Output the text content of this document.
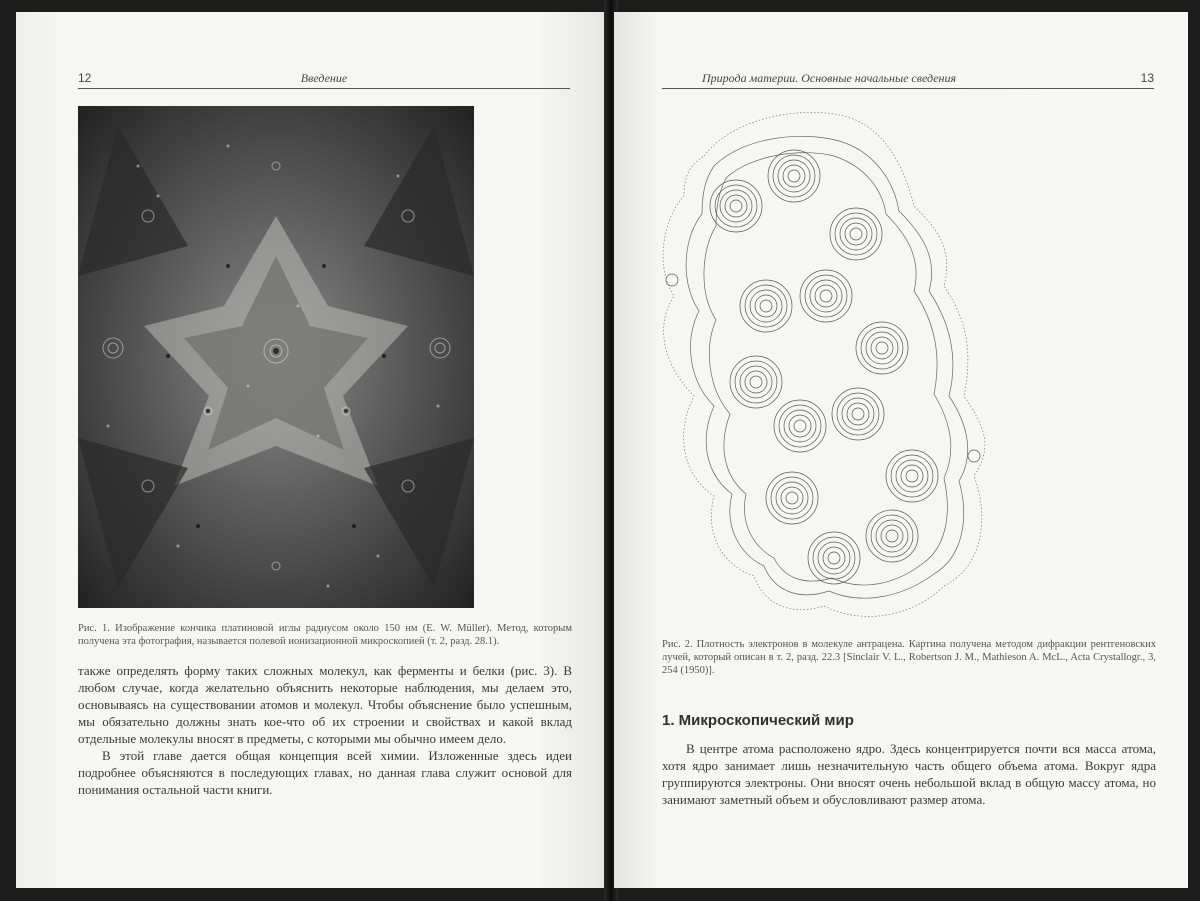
12	Введение
Рис. 1. Изображение кончика платиновой иглы радиусом около 150 нм (E. W. Müller). Метод, которым получена эта фотография, называется полевой ионизационной микроскопией (т. 2, разд. 28.1).

также определять форму таких сложных молекул, как ферменты и белки (рис. 3). В любом случае, когда желательно объяснить некоторые наблюдения, мы делаем это, основываясь на существовании атомов и молекул. Чтобы объяснение было успешным, мы обязательно должны знать кое-что об их строении и свойствах и какой вклад отдельные молекулы вносят в предметы, с которыми мы обычно имеем дело.

В этой главе дается общая концепция всей химии. Изложенные здесь идеи подробнее объясняются в последующих главах, но данная глава служит основой для понимания остальной части книги.

Природа материи. Основные начальные сведения	13
Рис. 2. Плотность электронов в молекуле антрацена. Картина получена методом дифракции рентгеновских лучей, который описан в т. 2, разд. 22.3 [Sinclair V. L., Robertson J. M., Mathieson A. McL., Acta Crystallogr., 3, 254 (1950)].
1. Микроскопический мир

В центре атома расположено ядро. Здесь концентрируется почти вся масса атома, хотя ядро занимает лишь незначительную часть общего объема атома. Вокруг ядра группируются электроны. Они вносят очень небольшой вклад в общую массу атома, но занимают заметный объем и обусловливают размер атома.
